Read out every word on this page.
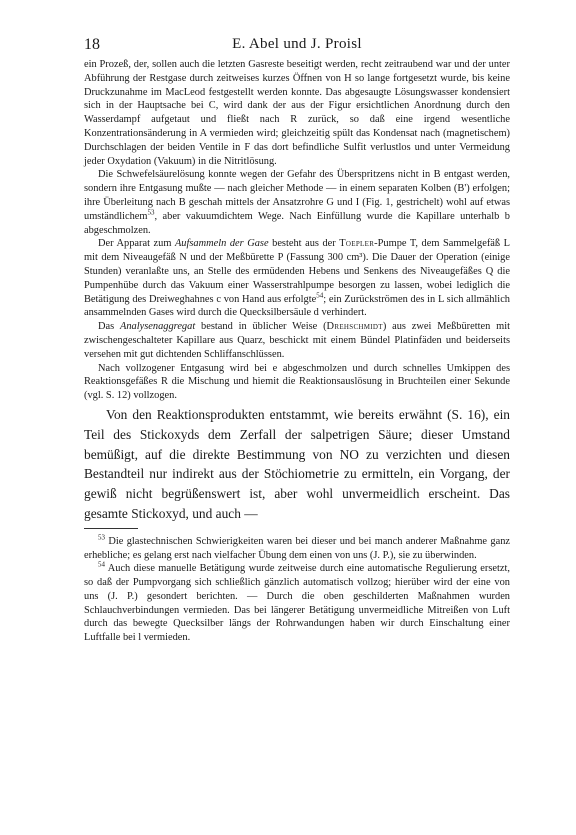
18	E. Abel und J. Proisl

ein Prozeß, der, sollen auch die letzten Gasreste beseitigt werden, recht zeitraubend war und der unter Abführung der Restgase durch zeitweises kurzes Öffnen von H so lange fortgesetzt wurde, bis keine Druckzunahme im MacLeod festgestellt werden konnte. Das abgesaugte Lösungswasser kondensiert sich in der Hauptsache bei C, wird dank der aus der Figur ersichtlichen Anordnung durch den Wasserdampf aufgetaut und fließt nach R zurück, so daß eine irgend wesentliche Konzentrationsänderung in A vermieden wird; gleichzeitig spült das Kondensat nach (magnetischem) Durchschlagen der beiden Ventile in F das dort befindliche Sulfit verlustlos und unter Vermeidung jeder Oxydation (Vakuum) in die Nitritlösung.

Die Schwefelsäurelösung konnte wegen der Gefahr des Überspritzens nicht in B entgast werden, sondern ihre Entgasung mußte — nach gleicher Methode — in einem separaten Kolben (B') erfolgen; ihre Überleitung nach B geschah mittels der Ansatzrohre G und I (Fig. 1, gestrichelt) wohl auf etwas umständlichem$^{53}$, aber vakuumdichtem Wege. Nach Einfüllung wurde die Kapillare unterhalb b abgeschmolzen.

Der Apparat zum Aufsammeln der Gase besteht aus der Toepler-Pumpe T, dem Sammelgefäß L mit dem Niveaugefäß N und der Meßbürette P (Fassung 300 cm³). Die Dauer der Operation (einige Stunden) veranlaßte uns, an Stelle des ermüdenden Hebens und Senkens des Niveaugefäßes Q die Pumpenhübe durch das Vakuum einer Wasserstrahlpumpe besorgen zu lassen, wobei lediglich die Betätigung des Dreiweghahnes c von Hand aus erfolgte$^{54}$; ein Zurückströmen des in L sich allmählich ansammelnden Gases wird durch die Quecksilbersäule d verhindert.

Das Analysenaggregat bestand in üblicher Weise (Drehschmidt) aus zwei Meßbüretten mit zwischengeschalteter Kapillare aus Quarz, beschickt mit einem Bündel Platinfäden und beiderseits versehen mit gut dichtenden Schliffanschlüssen.

Nach vollzogener Entgasung wird bei e abgeschmolzen und durch schnelles Umkippen des Reaktionsgefäßes R die Mischung und hiemit die Reaktionsauslösung in Bruchteilen einer Sekunde (vgl. S. 12) vollzogen.

Von den Reaktionsprodukten entstammt, wie bereits erwähnt (S. 16), ein Teil des Stickoxyds dem Zerfall der salpetrigen Säure; dieser Umstand bemüßigt, auf die direkte Bestimmung von NO zu verzichten und diesen Bestandteil nur indirekt aus der Stöchiometrie zu ermitteln, ein Vorgang, der gewiß nicht begrüßenswert ist, aber wohl unvermeidlich erscheint. Das gesamte Stickoxyd, und auch —

$^{53}$ Die glastechnischen Schwierigkeiten waren bei dieser und bei manch anderer Maßnahme ganz erhebliche; es gelang erst nach vielfacher Übung dem einen von uns (J. P.), sie zu überwinden.

$^{54}$ Auch diese manuelle Betätigung wurde zeitweise durch eine automatische Regulierung ersetzt, so daß der Pumpvorgang sich schließlich gänzlich automatisch vollzog; hierüber wird der eine von uns (J. P.) gesondert berichten. — Durch die oben geschilderten Maßnahmen wurden Schlauchverbindungen vermieden. Das bei längerer Betätigung unvermeidliche Mitreißen von Luft durch das bewegte Quecksilber längs der Rohrwandungen haben wir durch Einschaltung einer Luftfalle bei l vermieden.
